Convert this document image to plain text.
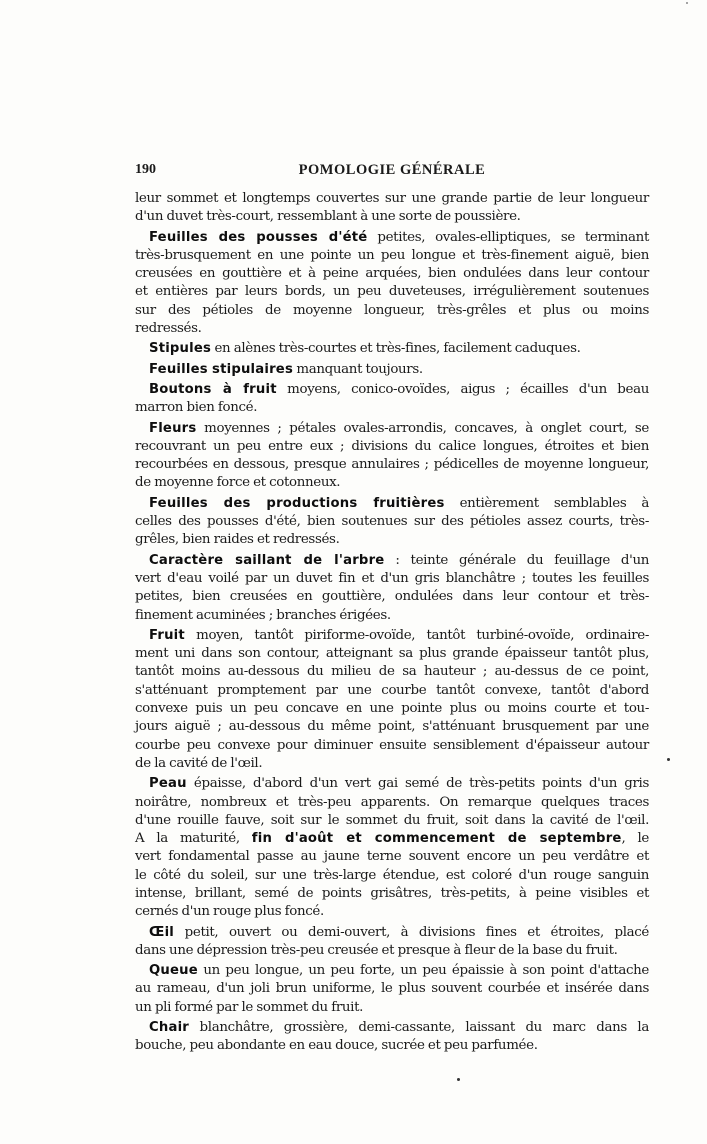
190	POMOLOGIE GÉNÉRALE

leur sommet et longtemps couvertes sur une grande partie de leur longueur
d'un duvet très-court, ressemblant à une sorte de poussière.

Feuilles des pousses d'été petites, ovales-elliptiques, se terminant
très-brusquement en une pointe un peu longue et très-finement aiguë, bien
creusées en gouttière et à peine arquées, bien ondulées dans leur contour
et entières par leurs bords, un peu duveteuses, irrégulièrement soutenues
sur des pétioles de moyenne longueur, très-grêles et plus ou moins
redressés.

Stipules en alènes très-courtes et très-fines, facilement caduques.

Feuilles stipulaires manquant toujours.

Boutons à fruit moyens, conico-ovoïdes, aigus ; écailles d'un beau
marron bien foncé.

Fleurs moyennes ; pétales ovales-arrondis, concaves, à onglet court, se
recouvrant un peu entre eux ; divisions du calice longues, étroites et bien
recourbées en dessous, presque annulaires ; pédicelles de moyenne longueur,
de moyenne force et cotonneux.

Feuilles des productions fruitières entièrement semblables à
celles des pousses d'été, bien soutenues sur des pétioles assez courts, très-
grêles, bien raides et redressés.

Caractère saillant de l'arbre : teinte générale du feuillage d'un
vert d'eau voilé par un duvet fin et d'un gris blanchâtre ; toutes les feuilles
petites, bien creusées en gouttière, ondulées dans leur contour et très-
finement acuminées ; branches érigées.

Fruit moyen, tantôt piriforme-ovoïde, tantôt turbiné-ovoïde, ordinaire-
ment uni dans son contour, atteignant sa plus grande épaisseur tantôt plus,
tantôt moins au-dessous du milieu de sa hauteur ; au-dessus de ce point,
s'atténuant promptement par une courbe tantôt convexe, tantôt d'abord
convexe puis un peu concave en une pointe plus ou moins courte et tou-
jours aiguë ; au-dessous du même point, s'atténuant brusquement par une
courbe peu convexe pour diminuer ensuite sensiblement d'épaisseur autour
de la cavité de l'œil.

Peau épaisse, d'abord d'un vert gai semé de très-petits points d'un gris
noirâtre, nombreux et très-peu apparents. On remarque quelques traces
d'une rouille fauve, soit sur le sommet du fruit, soit dans la cavité de l'œil.
A la maturité, fin d'août et commencement de septembre, le
vert fondamental passe au jaune terne souvent encore un peu verdâtre et
le côté du soleil, sur une très-large étendue, est coloré d'un rouge sanguin
intense, brillant, semé de points grisâtres, très-petits, à peine visibles et
cernés d'un rouge plus foncé.

Œil petit, ouvert ou demi-ouvert, à divisions fines et étroites, placé
dans une dépression très-peu creusée et presque à fleur de la base du fruit.

Queue un peu longue, un peu forte, un peu épaissie à son point d'attache
au rameau, d'un joli brun uniforme, le plus souvent courbée et insérée dans
un pli formé par le sommet du fruit.

Chair blanchâtre, grossière, demi-cassante, laissant du marc dans la
bouche, peu abondante en eau douce, sucrée et peu parfumée.
